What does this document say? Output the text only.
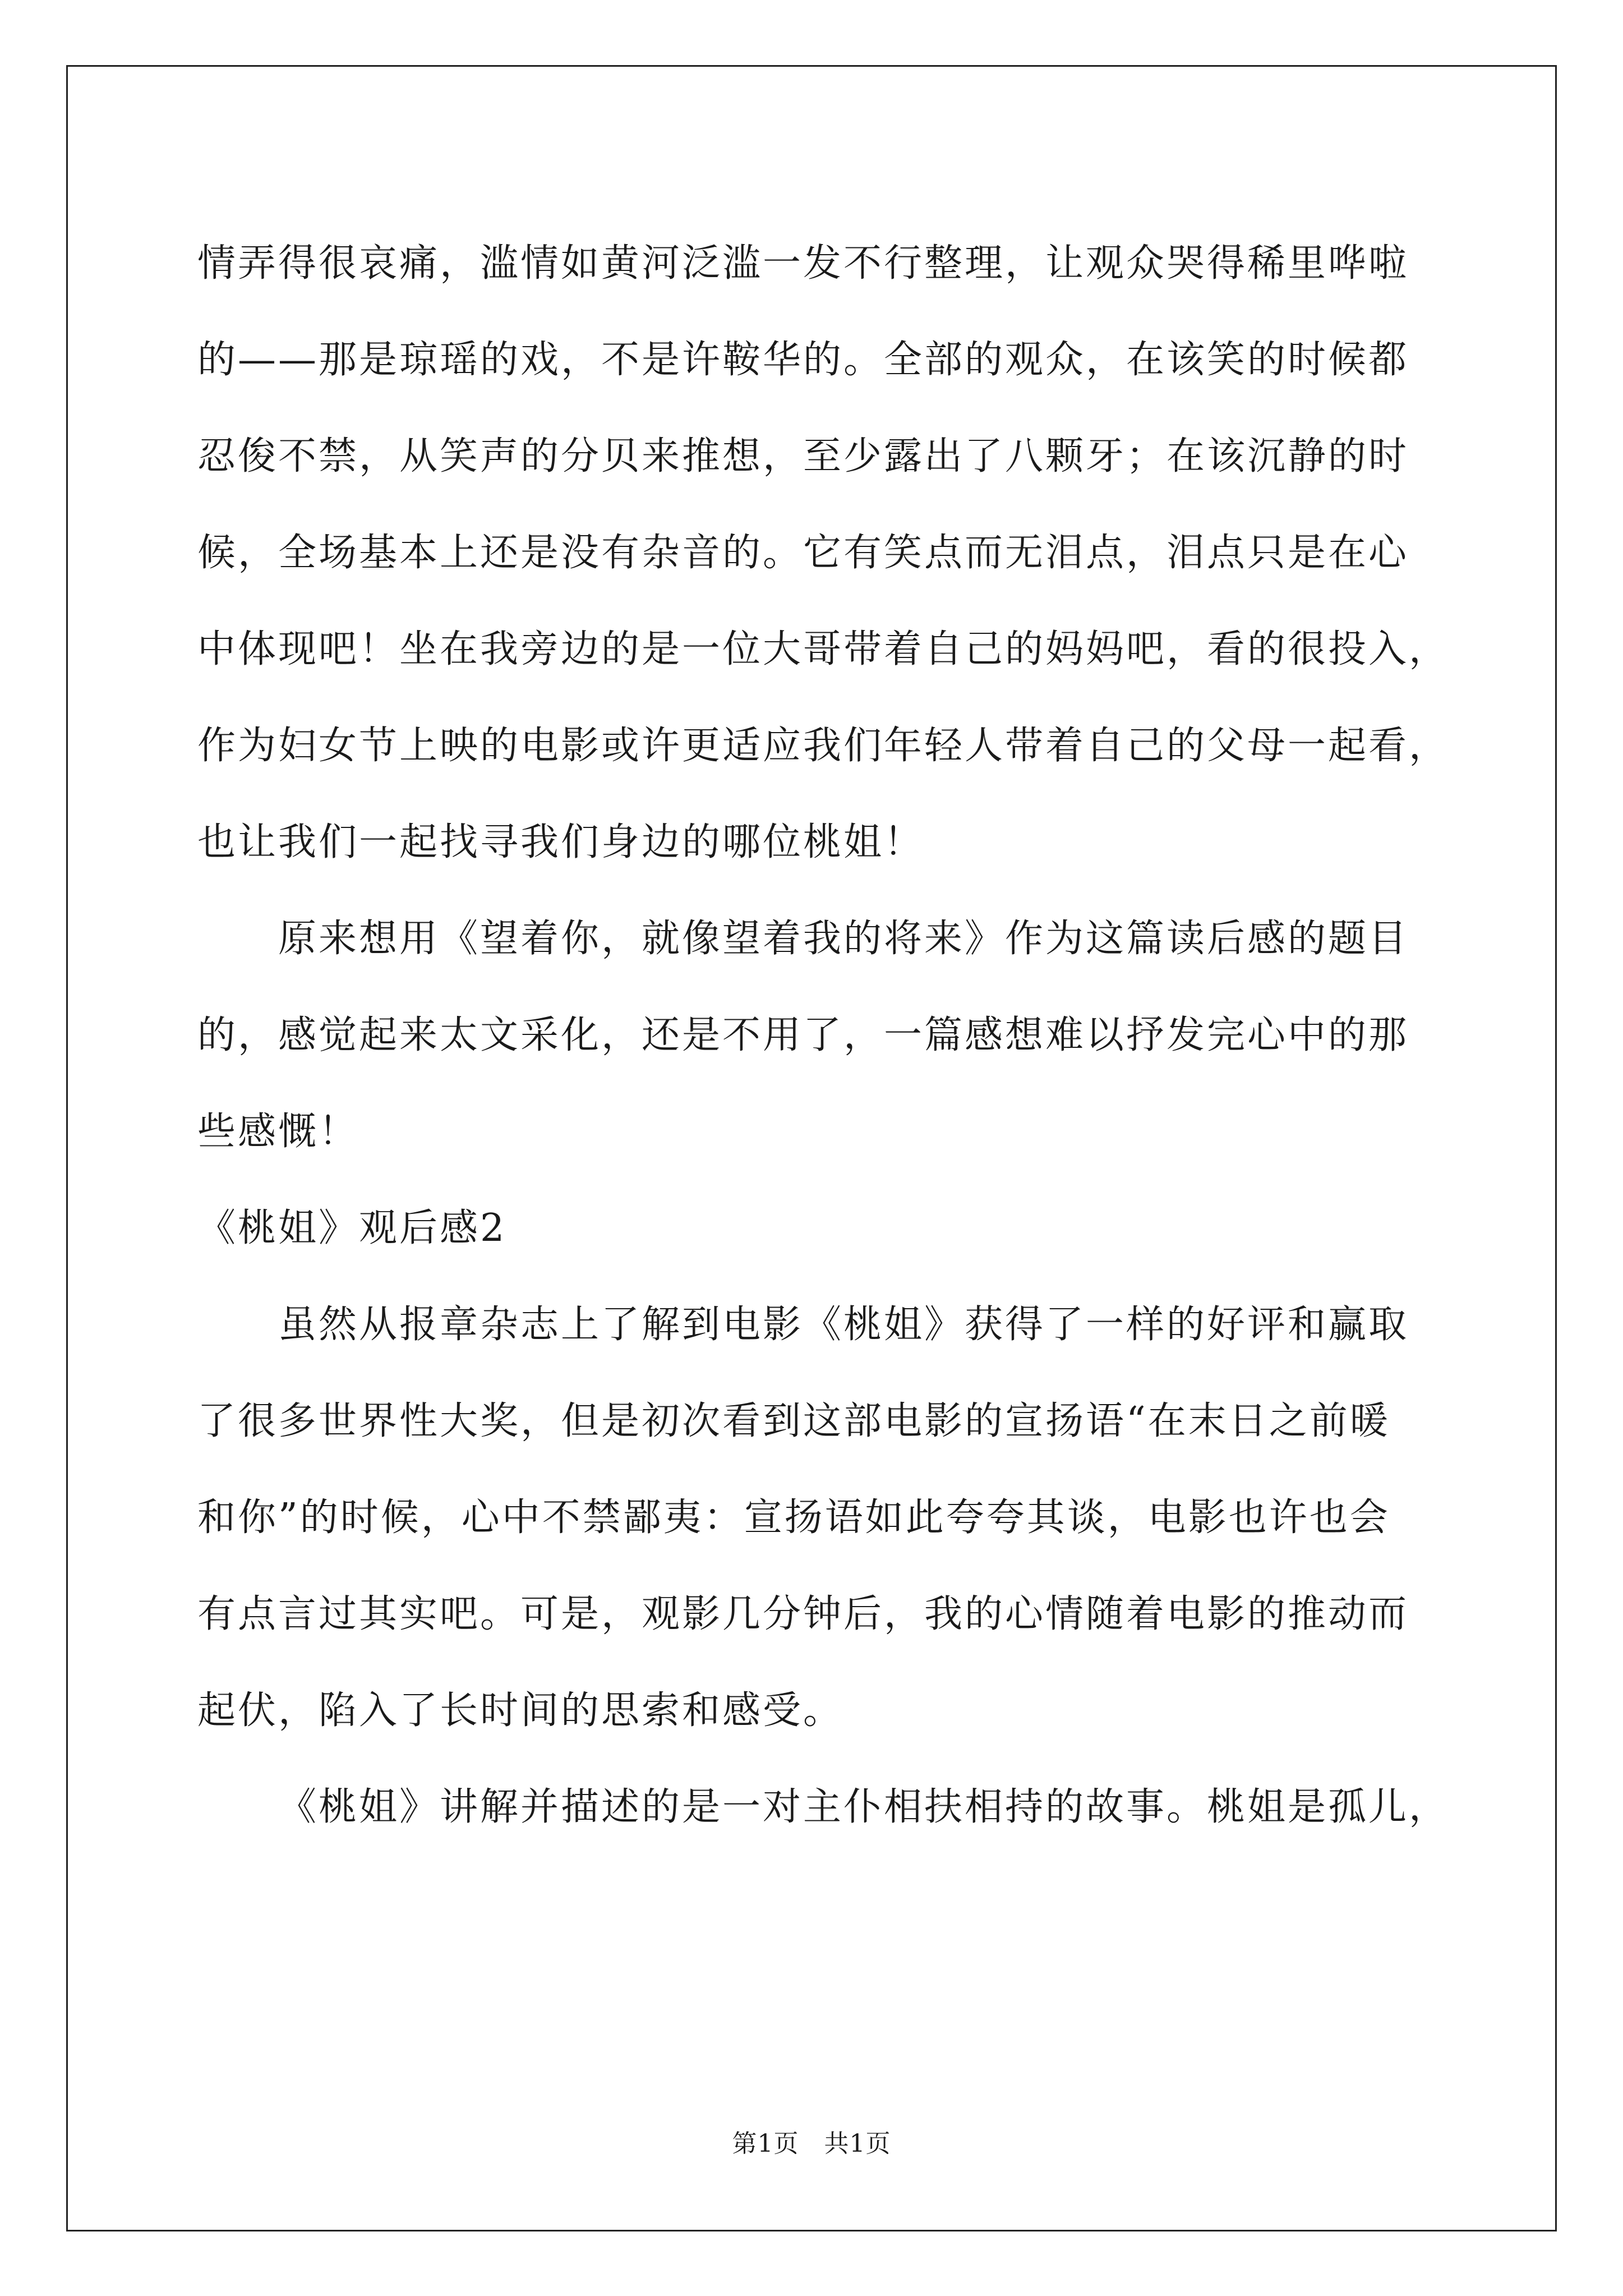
情弄得很哀痛，滥情如黄河泛滥一发不行整理，让观众哭得稀里哗啦
的——那是琼瑶的戏，不是许鞍华的。全部的观众，在该笑的时候都
忍俊不禁，从笑声的分贝来推想，至少露出了八颗牙；在该沉静的时
候，全场基本上还是没有杂音的。它有笑点而无泪点，泪点只是在心
中体现吧！坐在我旁边的是一位大哥带着自己的妈妈吧，看的很投入，
作为妇女节上映的电影或许更适应我们年轻人带着自己的父母一起看，
也让我们一起找寻我们身边的哪位桃姐！
原来想用《望着你，就像望着我的将来》作为这篇读后感的题目
的，感觉起来太文采化，还是不用了，一篇感想难以抒发完心中的那
些感慨！
《桃姐》观后感2
虽然从报章杂志上了解到电影《桃姐》获得了一样的好评和赢取
了很多世界性大奖，但是初次看到这部电影的宣扬语“在末日之前暖
和你”的时候，心中不禁鄙夷：宣扬语如此夸夸其谈，电影也许也会
有点言过其实吧。可是，观影几分钟后，我的心情随着电影的推动而
起伏，陷入了长时间的思索和感受。
《桃姐》讲解并描述的是一对主仆相扶相持的故事。桃姐是孤儿，
第1页　共1页
